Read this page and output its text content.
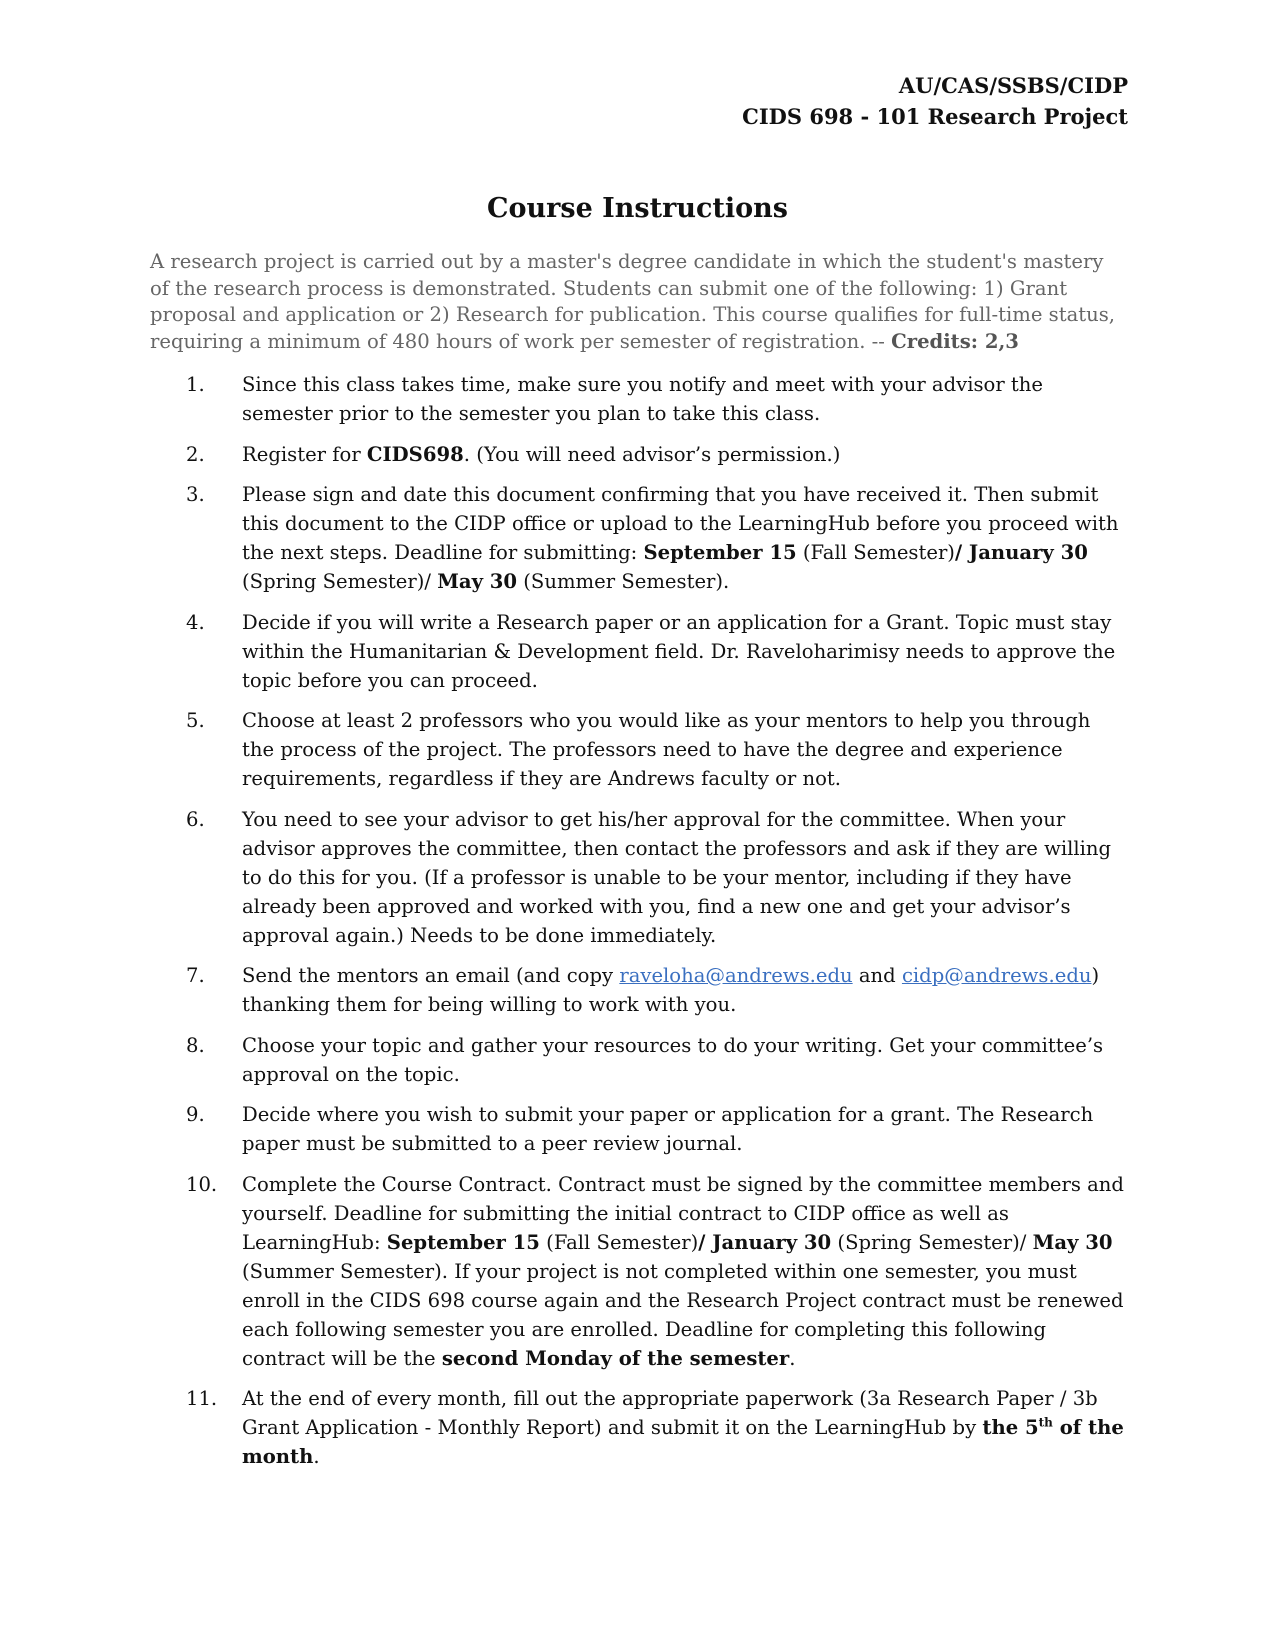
AU/CAS/SSBS/CIDP
CIDS 698 - 101 Research Project
Course Instructions
A research project is carried out by a master's degree candidate in which the student's mastery of the research process is demonstrated. Students can submit one of the following: 1) Grant proposal and application or 2) Research for publication. This course qualifies for full-time status, requiring a minimum of 480 hours of work per semester of registration. -- Credits: 2,3
1. Since this class takes time, make sure you notify and meet with your advisor the semester prior to the semester you plan to take this class.
2. Register for CIDS698. (You will need advisor’s permission.)
3. Please sign and date this document confirming that you have received it. Then submit this document to the CIDP office or upload to the LearningHub before you proceed with the next steps. Deadline for submitting: September 15 (Fall Semester)/ January 30 (Spring Semester)/ May 30 (Summer Semester).
4. Decide if you will write a Research paper or an application for a Grant. Topic must stay within the Humanitarian & Development field. Dr. Raveloharimisy needs to approve the topic before you can proceed.
5. Choose at least 2 professors who you would like as your mentors to help you through the process of the project. The professors need to have the degree and experience requirements, regardless if they are Andrews faculty or not.
6. You need to see your advisor to get his/her approval for the committee. When your advisor approves the committee, then contact the professors and ask if they are willing to do this for you. (If a professor is unable to be your mentor, including if they have already been approved and worked with you, find a new one and get your advisor’s approval again.) Needs to be done immediately.
7. Send the mentors an email (and copy raveloha@andrews.edu and cidp@andrews.edu) thanking them for being willing to work with you.
8. Choose your topic and gather your resources to do your writing. Get your committee’s approval on the topic.
9. Decide where you wish to submit your paper or application for a grant. The Research paper must be submitted to a peer review journal.
10. Complete the Course Contract. Contract must be signed by the committee members and yourself. Deadline for submitting the initial contract to CIDP office as well as LearningHub: September 15 (Fall Semester)/ January 30 (Spring Semester)/ May 30 (Summer Semester). If your project is not completed within one semester, you must enroll in the CIDS 698 course again and the Research Project contract must be renewed each following semester you are enrolled. Deadline for completing this following contract will be the second Monday of the semester.
11. At the end of every month, fill out the appropriate paperwork (3a Research Paper / 3b Grant Application - Monthly Report) and submit it on the LearningHub by the 5th of the month.
